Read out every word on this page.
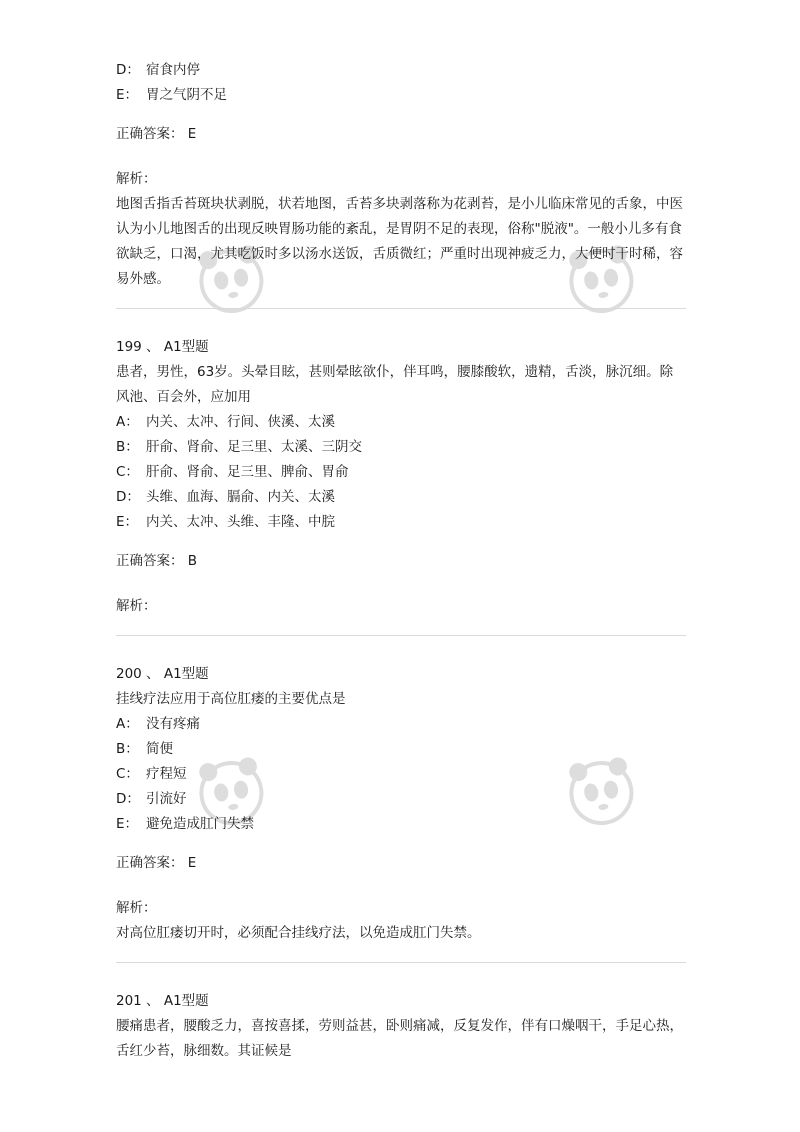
D： 宿食内停
E： 胃之气阴不足
正确答案： E
解析：
地图舌指舌苔斑块状剥脱，状若地图，舌苔多块剥落称为花剥苔，是小儿临床常见的舌象，中医认为小儿地图舌的出现反映胃肠功能的紊乱，是胃阴不足的表现，俗称"脱液"。一般小儿多有食欲缺乏，口渴，尤其吃饭时多以汤水送饭，舌质微红；严重时出现神疲乏力，大便时干时稀，容易外感。
199 、 A1型题
患者，男性，63岁。头晕目眩，甚则晕眩欲仆，伴耳鸣，腰膝酸软，遗精，舌淡，脉沉细。除风池、百会外，应加用
A： 内关、太冲、行间、侠溪、太溪
B： 肝俞、肾俞、足三里、太溪、三阴交
C： 肝俞、肾俞、足三里、脾俞、胃俞
D： 头维、血海、膈俞、内关、太溪
E： 内关、太冲、头维、丰隆、中脘
正确答案： B
解析：
200 、 A1型题
挂线疗法应用于高位肛瘘的主要优点是
A： 没有疼痛
B： 简便
C： 疗程短
D： 引流好
E： 避免造成肛门失禁
正确答案： E
解析：
对高位肛瘘切开时，必须配合挂线疗法，以免造成肛门失禁。
201 、 A1型题
腰痛患者，腰酸乏力，喜按喜揉，劳则益甚，卧则痛减，反复发作，伴有口燥咽干，手足心热，舌红少苔，脉细数。其证候是
